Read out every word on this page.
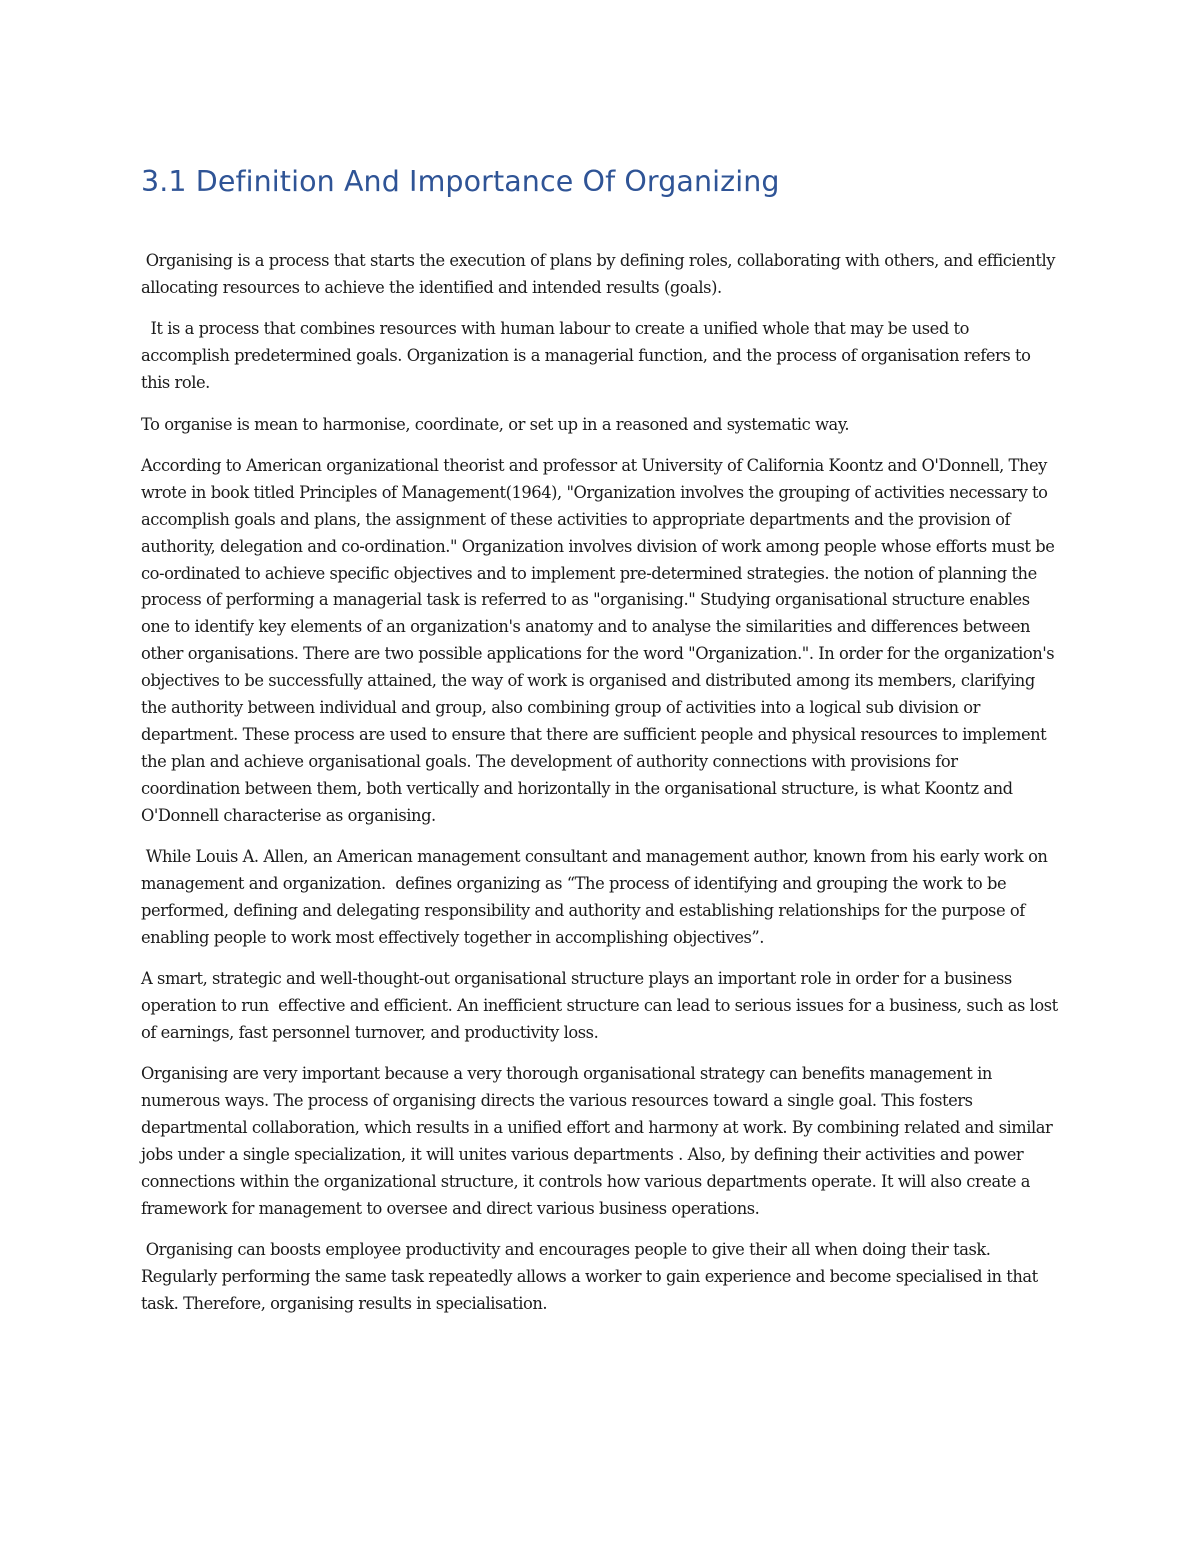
3.1 Definition And Importance Of Organizing

Organising is a process that starts the execution of plans by defining roles, collaborating with others, and efficiently allocating resources to achieve the identified and intended results (goals).

It is a process that combines resources with human labour to create a unified whole that may be used to accomplish predetermined goals. Organization is a managerial function, and the process of organisation refers to this role.

To organise is mean to harmonise, coordinate, or set up in a reasoned and systematic way.

According to American organizational theorist and professor at University of California Koontz and O'Donnell, They wrote in book titled Principles of Management(1964), "Organization involves the grouping of activities necessary to accomplish goals and plans, the assignment of these activities to appropriate departments and the provision of authority, delegation and co-ordination." Organization involves division of work among people whose efforts must be co-ordinated to achieve specific objectives and to implement pre-determined strategies. the notion of planning the process of performing a managerial task is referred to as "organising." Studying organisational structure enables one to identify key elements of an organization's anatomy and to analyse the similarities and differences between other organisations. There are two possible applications for the word "Organization.". In order for the organization's objectives to be successfully attained, the way of work is organised and distributed among its members, clarifying the authority between individual and group, also combining group of activities into a logical sub division or department. These process are used to ensure that there are sufficient people and physical resources to implement the plan and achieve organisational goals. The development of authority connections with provisions for coordination between them, both vertically and horizontally in the organisational structure, is what Koontz and O'Donnell characterise as organising.

While Louis A. Allen, an American management consultant and management author, known from his early work on management and organization.  defines organizing as “The process of identifying and grouping the work to be performed, defining and delegating responsibility and authority and establishing relationships for the purpose of enabling people to work most effectively together in accomplishing objectives”.

A smart, strategic and well-thought-out organisational structure plays an important role in order for a business operation to run  effective and efficient. An inefficient structure can lead to serious issues for a business, such as lost of earnings, fast personnel turnover, and productivity loss.

Organising are very important because a very thorough organisational strategy can benefits management in numerous ways. The process of organising directs the various resources toward a single goal. This fosters departmental collaboration, which results in a unified effort and harmony at work. By combining related and similar jobs under a single specialization, it will unites various departments . Also, by defining their activities and power connections within the organizational structure, it controls how various departments operate. It will also create a framework for management to oversee and direct various business operations.

Organising can boosts employee productivity and encourages people to give their all when doing their task. Regularly performing the same task repeatedly allows a worker to gain experience and become specialised in that task. Therefore, organising results in specialisation.
